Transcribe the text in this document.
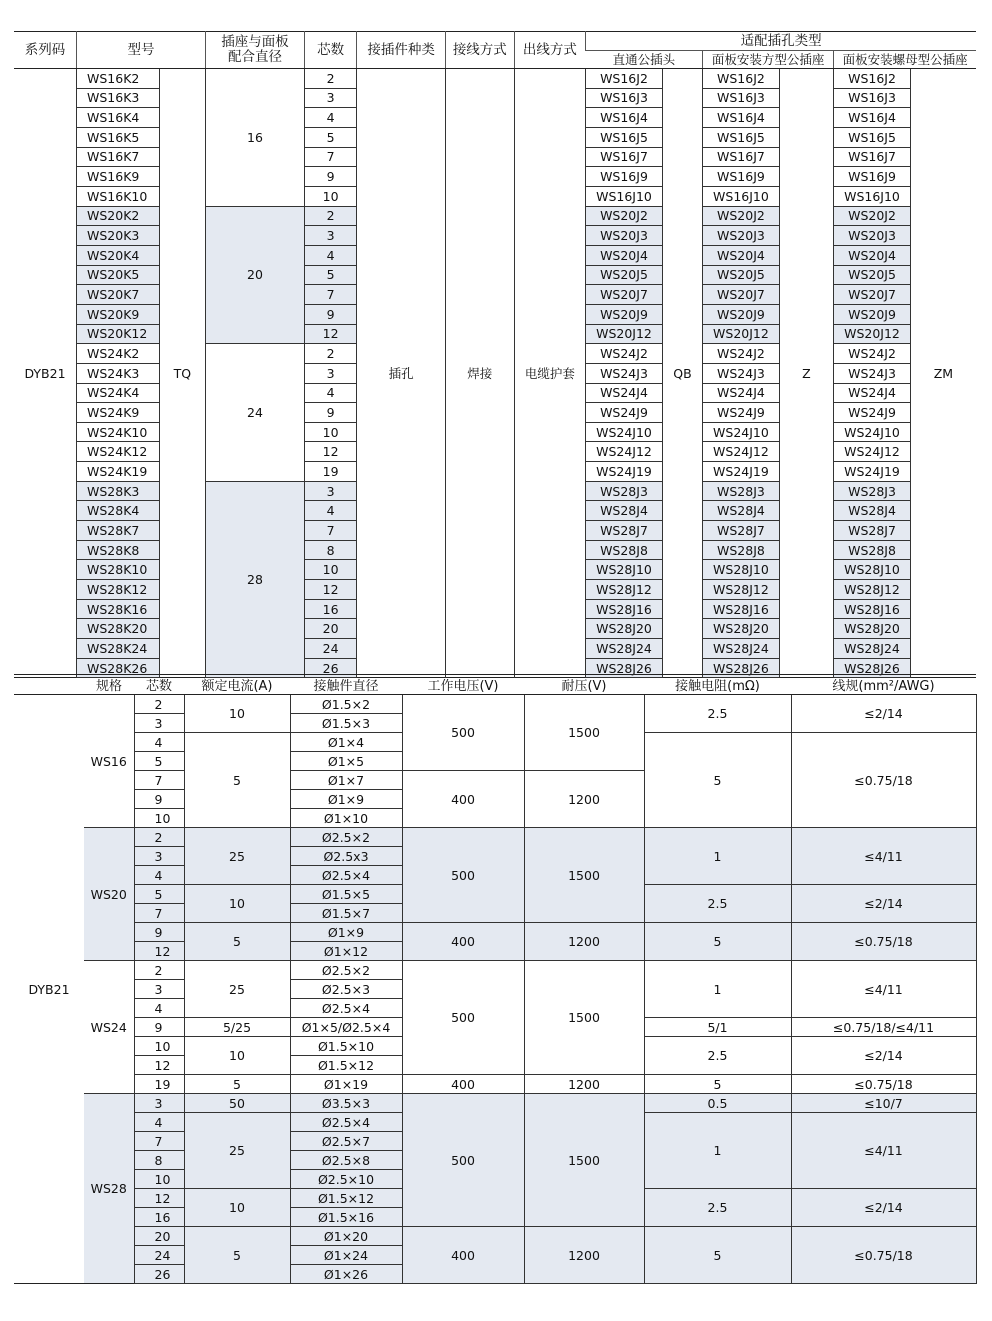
系列码	型号		插座与面板配合直径	芯数	接插件种类	接线方式	出线方式	适配插孔类型					
								直通公插头		面板安装方型公插座		面板安装螺母型公插座	
DYB21	WS16K2	TQ	16	2	插孔	焊接	电缆护套	WS16J2	QB	WS16J2	Z	WS16J2	ZM
	WS16K3			3				WS16J3		WS16J3		WS16J3	
	WS16K4			4				WS16J4		WS16J4		WS16J4	
	WS16K5			5				WS16J5		WS16J5		WS16J5	
	WS16K7			7				WS16J7		WS16J7		WS16J7	
	WS16K9			9				WS16J9		WS16J9		WS16J9	
	WS16K10			10				WS16J10		WS16J10		WS16J10	
	WS20K2		20	2				WS20J2		WS20J2		WS20J2	
	WS20K3			3				WS20J3		WS20J3		WS20J3	
	WS20K4			4				WS20J4		WS20J4		WS20J4	
	WS20K5			5				WS20J5		WS20J5		WS20J5	
	WS20K7			7				WS20J7		WS20J7		WS20J7	
	WS20K9			9				WS20J9		WS20J9		WS20J9	
	WS20K12			12				WS20J12		WS20J12		WS20J12	
	WS24K2		24	2				WS24J2		WS24J2		WS24J2	
	WS24K3			3				WS24J3		WS24J3		WS24J3	
	WS24K4			4				WS24J4		WS24J4		WS24J4	
	WS24K9			9				WS24J9		WS24J9		WS24J9	
	WS24K10			10				WS24J10		WS24J10		WS24J10	
	WS24K12			12				WS24J12		WS24J12		WS24J12	
	WS24K19			19				WS24J19		WS24J19		WS24J19	
	WS28K3		28	3				WS28J3		WS28J3		WS28J3	
	WS28K4			4				WS28J4		WS28J4		WS28J4	
	WS28K7			7				WS28J7		WS28J7		WS28J7	
	WS28K8			8				WS28J8		WS28J8		WS28J8	
	WS28K10			10				WS28J10		WS28J10		WS28J10	
	WS28K12			12				WS28J12		WS28J12		WS28J12	
	WS28K16			16				WS28J16		WS28J16		WS28J16	
	WS28K20			20				WS28J20		WS28J20		WS28J20	
	WS28K24			24				WS28J24		WS28J24		WS28J24	
	WS28K26			26				WS28J26		WS28J26		WS28J26	
	规格	芯数	额定电流(A)	接触件直径	工作电压(V)	耐压(V)	接触电阻(mΩ)	线规(mm²/AWG)
DYB21	WS16	2	10	Ø1.5×2	500	1500	2.5	≤2/14
		3		Ø1.5×3				
		4	5	Ø1×4			5	≤0.75/18
		5		Ø1×5				
		7		Ø1×7	400	1200		
		9		Ø1×9				
		10		Ø1×10				
	WS20	2	25	Ø2.5×2	500	1500	1	≤4/11
		3		Ø2.5x3				
		4		Ø2.5×4				
		5	10	Ø1.5×5			2.5	≤2/14
		7		Ø1.5×7				
		9	5	Ø1×9	400	1200	5	≤0.75/18
		12		Ø1×12				
	WS24	2	25	Ø2.5×2	500	1500	1	≤4/11
		3		Ø2.5×3				
		4		Ø2.5×4				
		9	5/25	Ø1×5/Ø2.5×4			5/1	≤0.75/18/≤4/11
		10	10	Ø1.5×10			2.5	≤2/14
		12		Ø1.5×12				
		19	5	Ø1×19	400	1200	5	≤0.75/18
	WS28	3	50	Ø3.5×3	500	1500	0.5	≤10/7
		4	25	Ø2.5×4			1	≤4/11
		7		Ø2.5×7				
		8		Ø2.5×8				
		10		Ø2.5×10				
		12	10	Ø1.5×12			2.5	≤2/14
		16		Ø1.5×16				
		20	5	Ø1×20	400	1200	5	≤0.75/18
		24		Ø1×24				
		26		Ø1×26				
